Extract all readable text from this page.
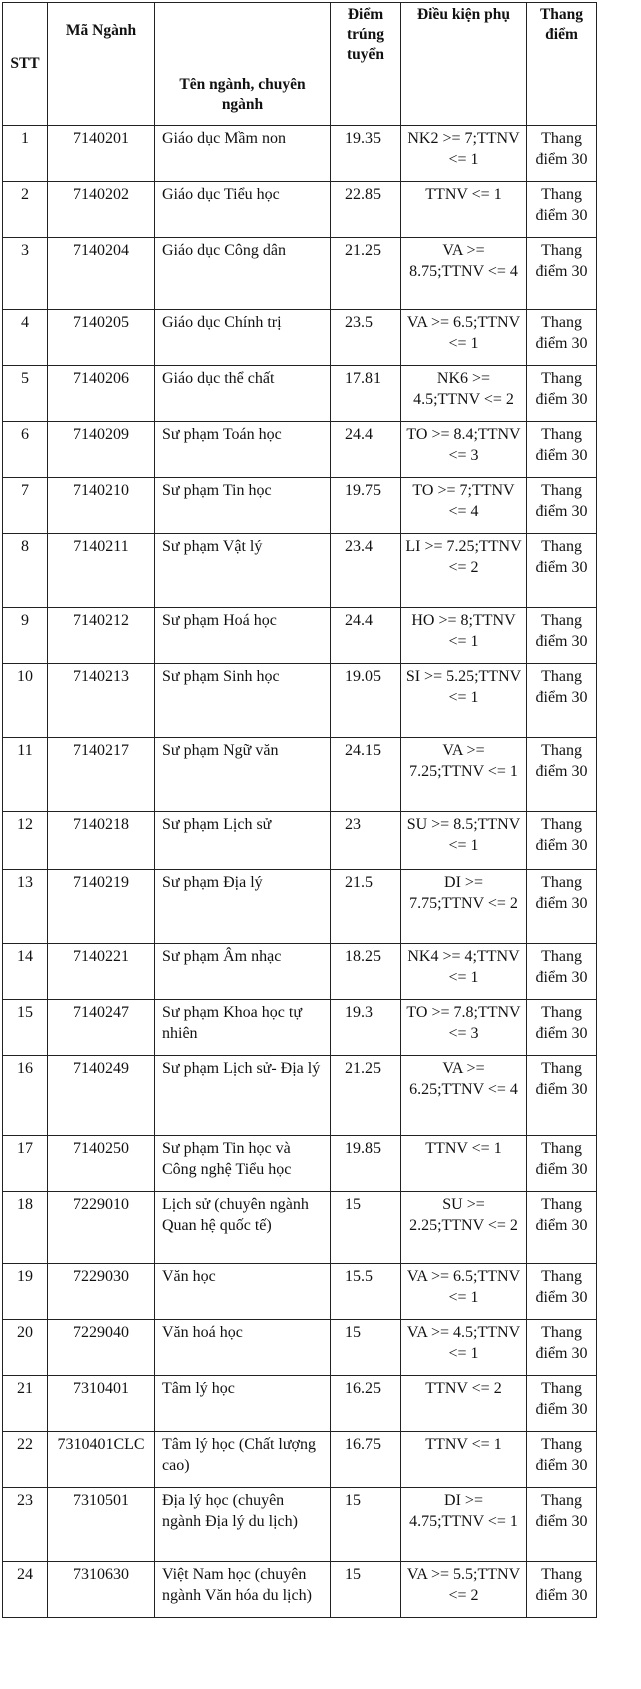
STT	Mã Ngành	Tên ngành, chuyên ngành	Điểm trúng tuyển	Điều kiện phụ	Thang điểm
1	7140201	Giáo dục Mầm non	19.35	NK2 >= 7;TTNV <= 1	Thang điểm 30
2	7140202	Giáo dục Tiểu học	22.85	TTNV <= 1	Thang điểm 30
3	7140204	Giáo dục Công dân	21.25	VA >= 8.75;TTNV <= 4	Thang điểm 30
4	7140205	Giáo dục Chính trị	23.5	VA >= 6.5;TTNV <= 1	Thang điểm 30
5	7140206	Giáo dục thể chất	17.81	NK6 >= 4.5;TTNV <= 2	Thang điểm 30
6	7140209	Sư phạm Toán học	24.4	TO >= 8.4;TTNV <= 3	Thang điểm 30
7	7140210	Sư phạm Tin học	19.75	TO >= 7;TTNV <= 4	Thang điểm 30
8	7140211	Sư phạm Vật lý	23.4	LI >= 7.25;TTNV <= 2	Thang điểm 30
9	7140212	Sư phạm Hoá học	24.4	HO >= 8;TTNV <= 1	Thang điểm 30
10	7140213	Sư phạm Sinh học	19.05	SI >= 5.25;TTNV <= 1	Thang điểm 30
11	7140217	Sư phạm Ngữ văn	24.15	VA >= 7.25;TTNV <= 1	Thang điểm 30
12	7140218	Sư phạm Lịch sử	23	SU >= 8.5;TTNV <= 1	Thang điểm 30
13	7140219	Sư phạm Địa lý	21.5	DI >= 7.75;TTNV <= 2	Thang điểm 30
14	7140221	Sư phạm Âm nhạc	18.25	NK4 >= 4;TTNV <= 1	Thang điểm 30
15	7140247	Sư phạm Khoa học tự nhiên	19.3	TO >= 7.8;TTNV <= 3	Thang điểm 30
16	7140249	Sư phạm Lịch sử- Địa lý	21.25	VA >= 6.25;TTNV <= 4	Thang điểm 30
17	7140250	Sư phạm Tin học và Công nghệ Tiểu học	19.85	TTNV <= 1	Thang điểm 30
18	7229010	Lịch sử (chuyên ngành Quan hệ quốc tế)	15	SU >= 2.25;TTNV <= 2	Thang điểm 30
19	7229030	Văn học	15.5	VA >= 6.5;TTNV <= 1	Thang điểm 30
20	7229040	Văn hoá học	15	VA >= 4.5;TTNV <= 1	Thang điểm 30
21	7310401	Tâm lý học	16.25	TTNV <= 2	Thang điểm 30
22	7310401CLC	Tâm lý học (Chất lượng cao)	16.75	TTNV <= 1	Thang điểm 30
23	7310501	Địa lý học (chuyên ngành Địa lý du lịch)	15	DI >= 4.75;TTNV <= 1	Thang điểm 30
24	7310630	Việt Nam học (chuyên ngành Văn hóa du lịch)	15	VA >= 5.5;TTNV <= 2	Thang điểm 30
